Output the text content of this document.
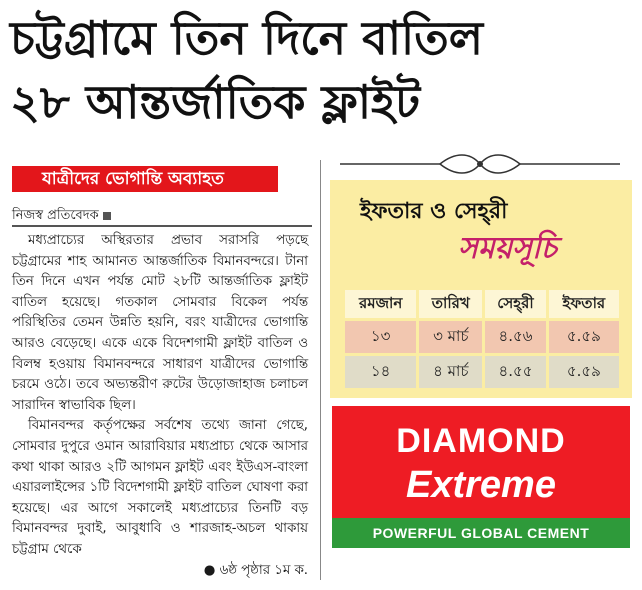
চট্টগ্রামে তিন দিনে বাতিল
২৮ আন্তর্জাতিক ফ্লাইট
যাত্রীদের ভোগান্তি অব্যাহত
নিজস্ব প্রতিবেদক

মধ্যপ্রাচ্যের অস্থিরতার প্রভাব সরাসরি পড়ছে চট্টগ্রামের শাহ আমানত আন্তর্জাতিক বিমানবন্দরে। টানা তিন দিনে এখন পর্যন্ত মোট ২৮টি আন্তর্জাতিক ফ্লাইট বাতিল হয়েছে। গতকাল সোমবার বিকেল পর্যন্ত পরিস্থিতির তেমন উন্নতি হয়নি, বরং যাত্রীদের ভোগান্তি আরও বেড়েছে। একে একে বিদেশগামী ফ্লাইট বাতিল ও বিলম্ব হওয়ায় বিমানবন্দরে সাধারণ যাত্রীদের ভোগান্তি চরমে ওঠে। তবে অভ্যন্তরীণ রুটের উড়োজাহাজ চলাচল সারাদিন স্বাভাবিক ছিল।

বিমানবন্দর কর্তৃপক্ষের সর্বশেষ তথ্যে জানা গেছে, সোমবার দুপুরে ওমান আরাবিয়ার মধ্যপ্রাচ্য থেকে আসার কথা থাকা আরও ২টি আগমন ফ্লাইট এবং ইউএস-বাংলা এয়ারলাইন্সের ১টি বিদেশগামী ফ্লাইট বাতিল ঘোষণা করা হয়েছে। এর আগে সকালেই মধ্যপ্রাচ্যের তিনটি বড় বিমানবন্দর দুবাই, আবুধাবি ও শারজাহ-অচল থাকায় চট্টগ্রাম থেকে

● ৬ষ্ঠ পৃষ্ঠার ১ম ক.
ইফতার ও সেহ্‌রী
সময়সূচি
রমজান	তারিখ	সেহ্‌রী	ইফতার
১৩	৩ মার্চ	৪.৫৬	৫.৫৯
১৪	৪ মার্চ	৪.৫৫	৫.৫৯
DIAMOND
Extreme
POWERFUL GLOBAL CEMENT
